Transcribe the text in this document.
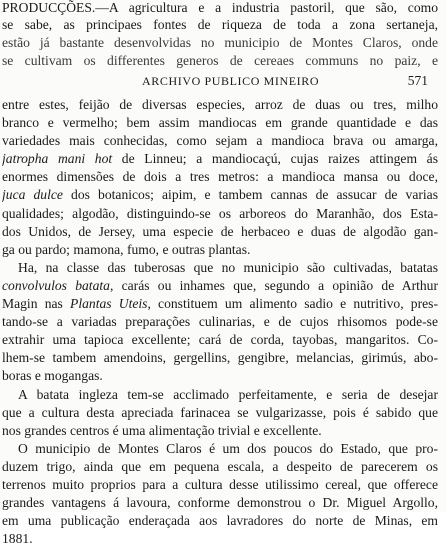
PRODUCÇÕES.—A agricultura e a industria pastoril, que são, como
se sabe, as principaes fontes de riqueza de toda a zona sertaneja,
estão já bastante desenvolvidas no municipio de Montes Claros, onde
se cultivam os differentes generos de cereaes communs no paiz, e
ARCHIVO PUBLICO MINEIRO	571
entre estes, feijão de diversas especies, arroz de duas ou tres, milho
branco e vermelho; bem assim mandiocas em grande quantidade e das
variedades mais conhecidas, como sejam a mandioca brava ou amarga,
jatropha mani hot de Linneu; a mandiocaçú, cujas raizes attingem ás
enormes dimensões de dois a tres metros: a mandioca mansa ou doce,
juca dulce dos botanicos; aipim, e tambem cannas de assucar de varias
qualidades; algodão, distinguindo-se os arboreos do Maranhão, dos Esta-
dos Unidos, de Jersey, uma especie de herbaceo e duas de algodão gan-
ga ou pardo; mamona, fumo, e outras plantas.
Ha, na classe das tuberosas que no municipio são cultivadas, batatas
convolvulos batata, carás ou inhames que, segundo a opinião de Arthur
Magin nas Plantas Uteis, constituem um alimento sadio e nutritivo, pres-
tando-se a variadas preparações culinarias, e de cujos rhisomos pode-se
extrahir uma tapioca excellente; cará de corda, tayobas, mangaritos. Co-
lhem-se tambem amendoins, gergellins, gengibre, melancias, girimús, abo-
boras e mogangas.
A batata ingleza tem-se acclimado perfeitamente, e seria de desejar
que a cultura desta apreciada farinacea se vulgarizasse, pois é sabido que
nos grandes centros é uma alimentação trivial e excellente.
O municipio de Montes Claros é um dos poucos do Estado, que pro-
duzem trigo, ainda que em pequena escala, a despeito de parecerem os
terrenos muito proprios para a cultura desse utilissimo cereal, que offerece
grandes vantagens á lavoura, conforme demonstrou o Dr. Miguel Argollo,
em uma publicação enderaçada aos lavradores do norte de Minas, em
1881.
